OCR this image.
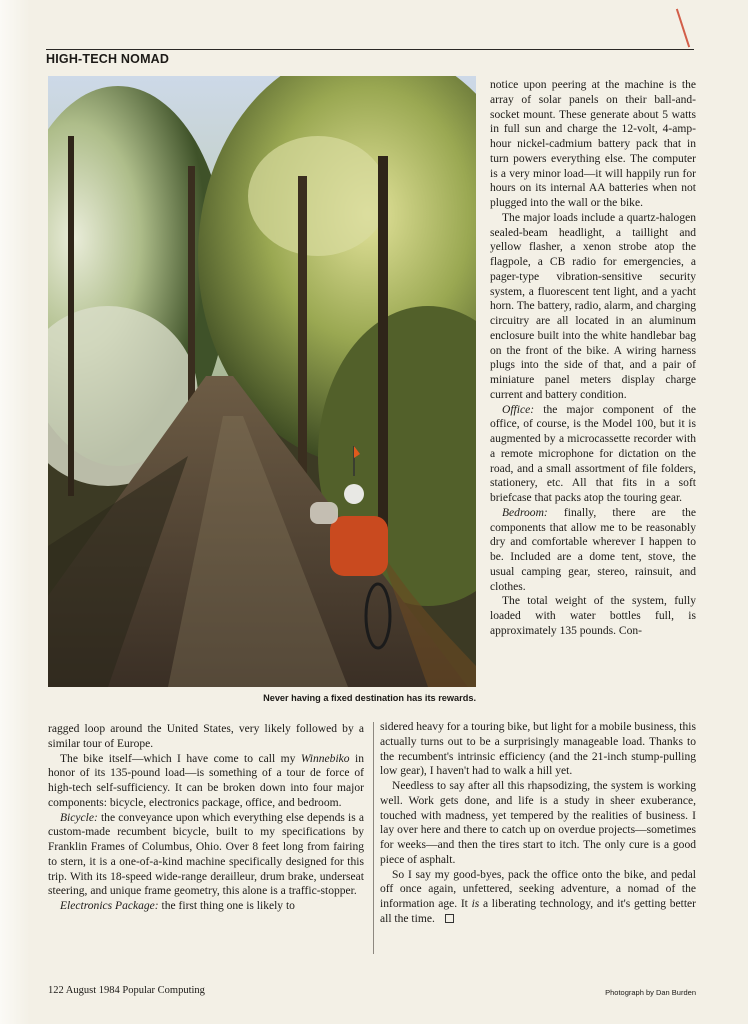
HIGH-TECH NOMAD
Never having a fixed destination has its rewards.

notice upon peering at the machine is the array of solar panels on their ball-and-socket mount. These generate about 5 watts in full sun and charge the 12-volt, 4-amp-hour nickel-cadmium battery pack that in turn powers everything else. The computer is a very minor load—it will happily run for hours on its internal AA batteries when not plugged into the wall or the bike.

The major loads include a quartz-halogen sealed-beam headlight, a taillight and yellow flasher, a xenon strobe atop the flagpole, a CB radio for emergencies, a pager-type vibration-sensitive security system, a fluorescent tent light, and a yacht horn. The battery, radio, alarm, and charging circuitry are all located in an aluminum enclosure built into the white handlebar bag on the front of the bike. A wiring harness plugs into the side of that, and a pair of miniature panel meters display charge current and battery condition.

Office: the major component of the office, of course, is the Model 100, but it is augmented by a microcassette recorder with a remote microphone for dictation on the road, and a small assortment of file folders, stationery, etc. All that fits in a soft briefcase that packs atop the touring gear.

Bedroom: finally, there are the components that allow me to be reasonably dry and comfortable wherever I happen to be. Included are a dome tent, stove, the usual camping gear, stereo, rainsuit, and clothes.

The total weight of the system, fully loaded with water bottles full, is approximately 135 pounds. Con-

ragged loop around the United States, very likely followed by a similar tour of Europe.

The bike itself—which I have come to call my Winnebiko in honor of its 135-pound load—is something of a tour de force of high-tech self-sufficiency. It can be broken down into four major components: bicycle, electronics package, office, and bedroom.

Bicycle: the conveyance upon which everything else depends is a custom-made recumbent bicycle, built to my specifications by Franklin Frames of Columbus, Ohio. Over 8 feet long from fairing to stern, it is a one-of-a-kind machine specifically designed for this trip. With its 18-speed wide-range derailleur, drum brake, underseat steering, and unique frame geometry, this alone is a traffic-stopper.

Electronics Package: the first thing one is likely to

sidered heavy for a touring bike, but light for a mobile business, this actually turns out to be a surprisingly manageable load. Thanks to the recumbent's intrinsic efficiency (and the 21-inch stump-pulling low gear), I haven't had to walk a hill yet.

Needless to say after all this rhapsodizing, the system is working well. Work gets done, and life is a study in sheer exuberance, touched with madness, yet tempered by the realities of business. I lay over here and there to catch up on overdue projects—sometimes for weeks—and then the tires start to itch. The only cure is a good piece of asphalt.

So I say my good-byes, pack the office onto the bike, and pedal off once again, unfettered, seeking adventure, a nomad of the information age. It is a liberating technology, and it's getting better all the time.

122 August 1984 Popular Computing	Photograph by Dan Burden
